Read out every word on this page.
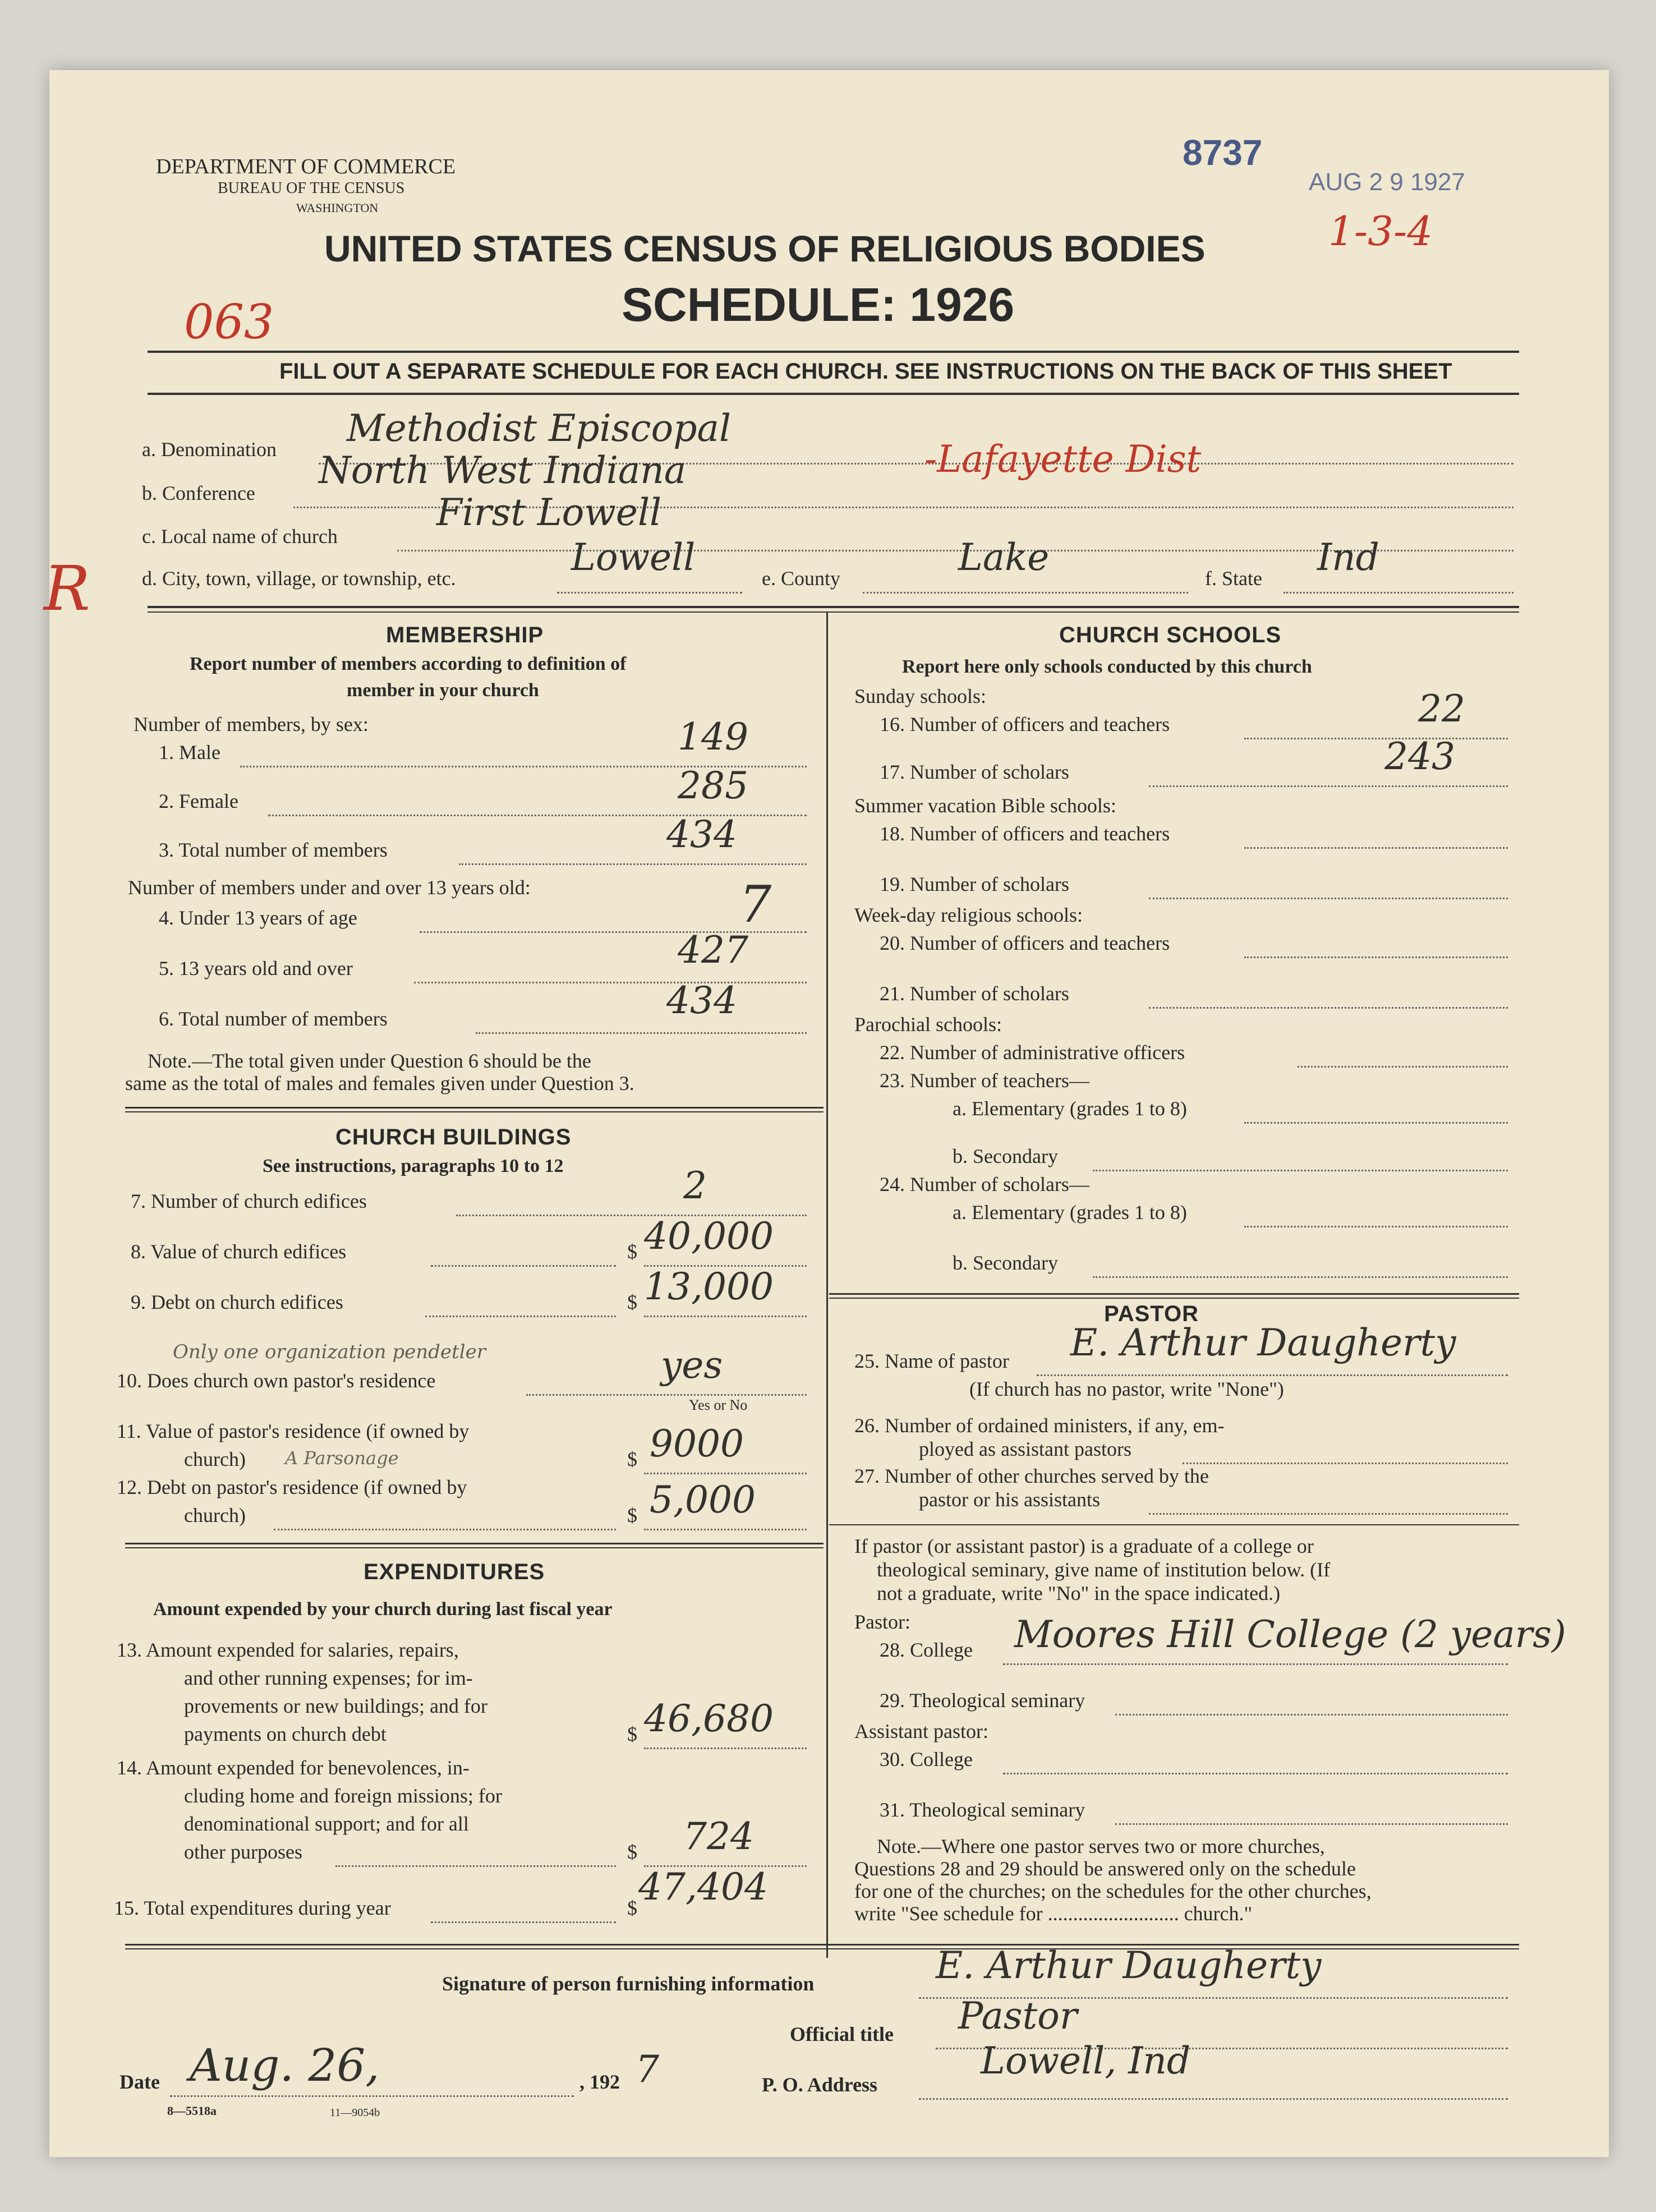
DEPARTMENT OF COMMERCE
BUREAU OF THE CENSUS
WASHINGTON
8737
AUG 2 9 1927
1-3-4
063
UNITED STATES CENSUS OF RELIGIOUS BODIES
SCHEDULE: 1926
FILL OUT A SEPARATE SCHEDULE FOR EACH CHURCH. SEE INSTRUCTIONS ON THE BACK OF THIS SHEET
a. Denomination Methodist Episcopal
b. Conference
North West Indiana	-Lafayette Dist
c. Local name of church
First Lowell
d. City, town, village, or township, etc.	Lowell	e. County	Lake	f. State Ind
R
MEMBERSHIP
Report number of members according to definition of
member in your church
Number of members, by sex:
1. Male	149
2. Female	285
3. Total number of members	434
Number of members under and over 13 years old:
4. Under 13 years of age	7
5. 13 years old and over	427
6. Total number of members	434
Note.—The total given under Question 6 should be the
same as the total of males and females given under Question 3.
CHURCH BUILDINGS
See instructions, paragraphs 10 to 12
7. Number of church edifices	2
8. Value of church edifices	$ 40,000
9. Debt on church edifices	$ 13,000
Only one organization pendetler
10. Does church own pastor's residence	yes
Yes or No
11. Value of pastor's residence (if owned by
church) A Parsonage	$ 9000
12. Debt on pastor's residence (if owned by
church)	$ 5,000
EXPENDITURES
Amount expended by your church during last fiscal year
13. Amount expended for salaries, repairs,
and other running expenses; for im-
provements or new buildings; and for
payments on church debt	$ 46,680
14. Amount expended for benevolences, in-
cluding home and foreign missions; for
denominational support; and for all
other purposes	$ 724
15. Total expenditures during year	$ 47,404
CHURCH SCHOOLS
Report here only schools conducted by this church
Sunday schools:
16. Number of officers and teachers	22
17. Number of scholars	243
Summer vacation Bible schools:
18. Number of officers and teachers
19. Number of scholars
Week-day religious schools:
20. Number of officers and teachers
21. Number of scholars
Parochial schools:
22. Number of administrative officers
23. Number of teachers—
a. Elementary (grades 1 to 8)
b. Secondary
24. Number of scholars—
a. Elementary (grades 1 to 8)
b. Secondary
PASTOR
25. Name of pastor E. Arthur Daugherty
(If church has no pastor, write "None")
26. Number of ordained ministers, if any, em-
ployed as assistant pastors
27. Number of other churches served by the
pastor or his assistants
If pastor (or assistant pastor) is a graduate of a college or
theological seminary, give name of institution below. (If
not a graduate, write "No" in the space indicated.)
Pastor:
28. College Moores Hill College (2 years)
29. Theological seminary
Assistant pastor:
30. College
31. Theological seminary
Note.—Where one pastor serves two or more churches,
Questions 28 and 29 should be answered only on the schedule
for one of the churches; on the schedules for the other churches,
write "See schedule for .......................... church."
Signature of person furnishing information	E. Arthur Daugherty
Official title Pastor
Date Aug. 26,	, 192 7	P. O. Address
Lowell, Ind
8—5518a	11—9054b
